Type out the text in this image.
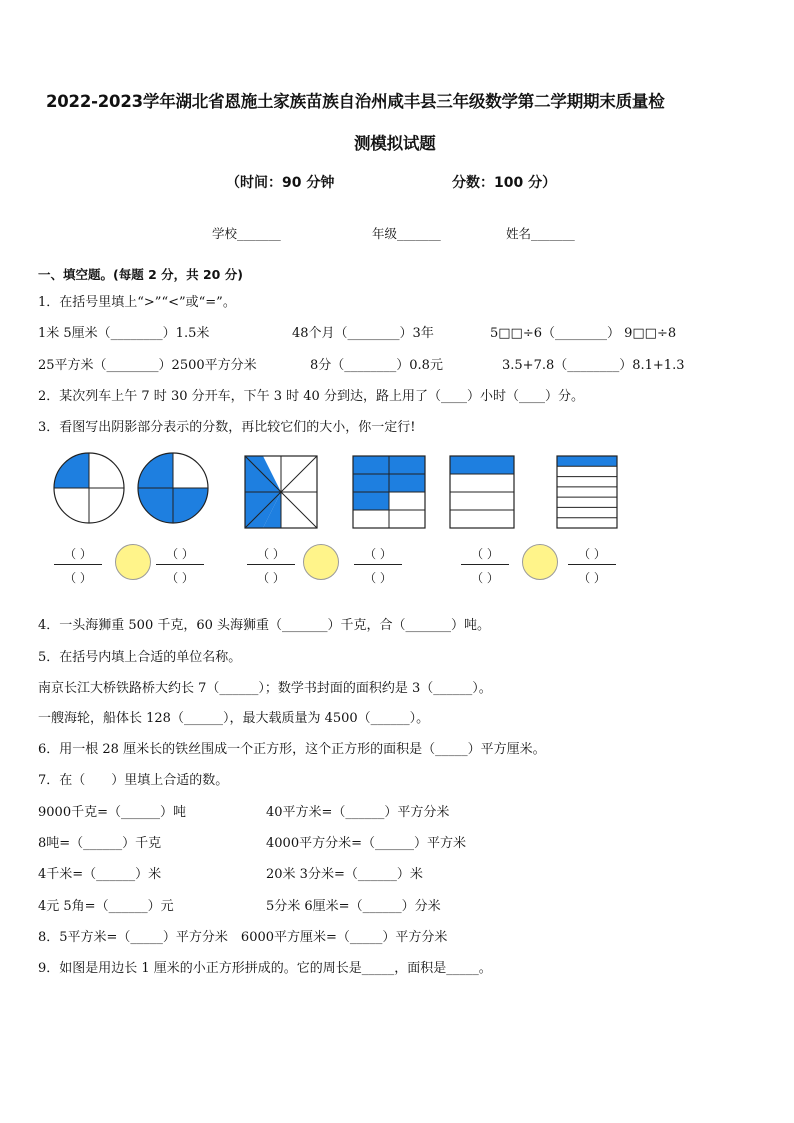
2022-2023学年湖北省恩施土家族苗族自治州咸丰县三年级数学第二学期期末质量检
测模拟试题
（时间：90 分钟	分数：100 分）
学校_______	年级_______	姓名_______
一、填空题。(每题 2 分，共 20 分)
1．在括号里填上“>”“<”或“=”。
1米 5厘米（________）1.5米	48个月（________）3年	5□□÷6（________） 9□□÷8
25平方米（________）2500平方分米	8分（________）0.8元	3.5+7.8（________）8.1+1.3
2．某次列车上午 7 时 30 分开车，下午 3 时 40 分到达，路上用了（____）小时（____）分。
3．看图写出阴影部分表示的分数，再比较它们的大小，你一定行!
（ ）
（ ）
（ ）
（ ）
（ ）
（ ）
（ ）
（ ）
（ ）
（ ）
（ ）
（ ）
4．一头海狮重 500 千克，60 头海狮重（_______）千克，合（_______）吨。
5．在括号内填上合适的单位名称。
南京长江大桥铁路桥大约长 7（______）；数学书封面的面积约是 3（______）。
一艘海轮，船体长 128（______），最大载质量为 4500（______）。
6．用一根 28 厘米长的铁丝围成一个正方形，这个正方形的面积是（_____）平方厘米。
7．在（　　）里填上合适的数。
9000千克=（______）吨	40平方米=（______）平方分米
8吨=（______）千克	4000平方分米=（______）平方米
4千米=（______）米	20米 3分米=（______）米
4元 5角=（______）元	5分米 6厘米=（______）分米
8．5平方米=（_____）平方分米　6000平方厘米=（_____）平方分米
9．如图是用边长 1 厘米的小正方形拼成的。它的周长是_____，面积是_____。
